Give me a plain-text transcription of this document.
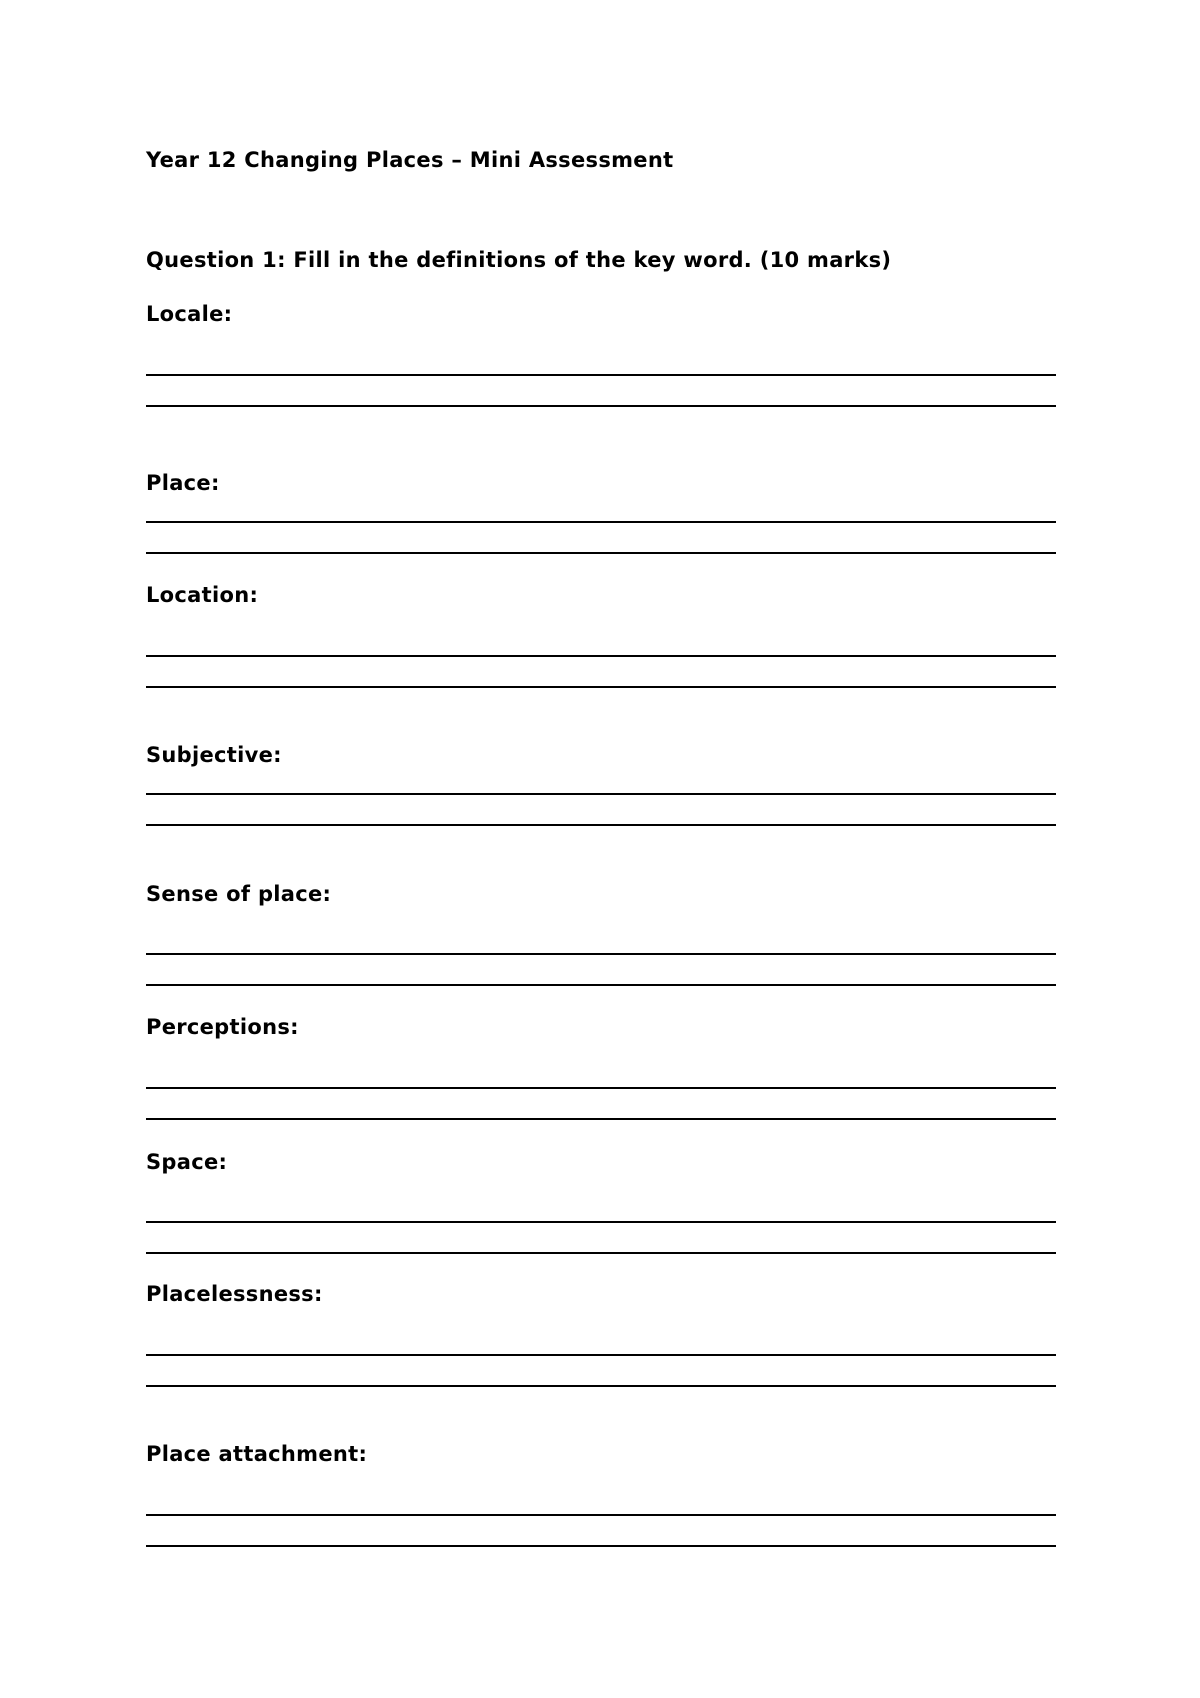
Year 12 Changing Places – Mini Assessment
Question 1: Fill in the definitions of the key word. (10 marks)
Locale:
Place:
Location:
Subjective:
Sense of place:
Perceptions:
Space:
Placelessness:
Place attachment:
